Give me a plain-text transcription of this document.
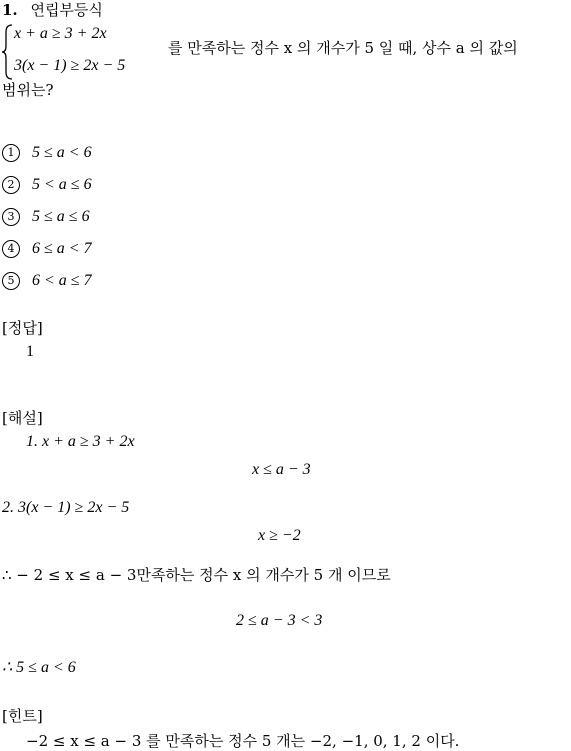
1. 연립부등식
x + a ≥ 3 + 2x
3(x − 1) ≥ 2x − 5
를 만족하는 정수 x 의 개수가 5 일 때, 상수 a 의 값의
범위는?
1 5 ≤ a < 6
2 5 < a ≤ 6
3 5 ≤ a ≤ 6
4 6 ≤ a < 7
5 6 < a ≤ 7
[정답]
1
[해설]
1. x + a ≥ 3 + 2x
x ≤ a − 3
2. 3(x − 1) ≥ 2x − 5
x ≥ −2
∴ − 2 ≤ x ≤ a − 3만족하는 정수 x 의 개수가 5 개 이므로
2 ≤ a − 3 < 3
∴ 5 ≤ a < 6
[힌트]
−2 ≤ x ≤ a − 3 를 만족하는 정수 5 개는 −2, −1, 0, 1, 2 이다.
